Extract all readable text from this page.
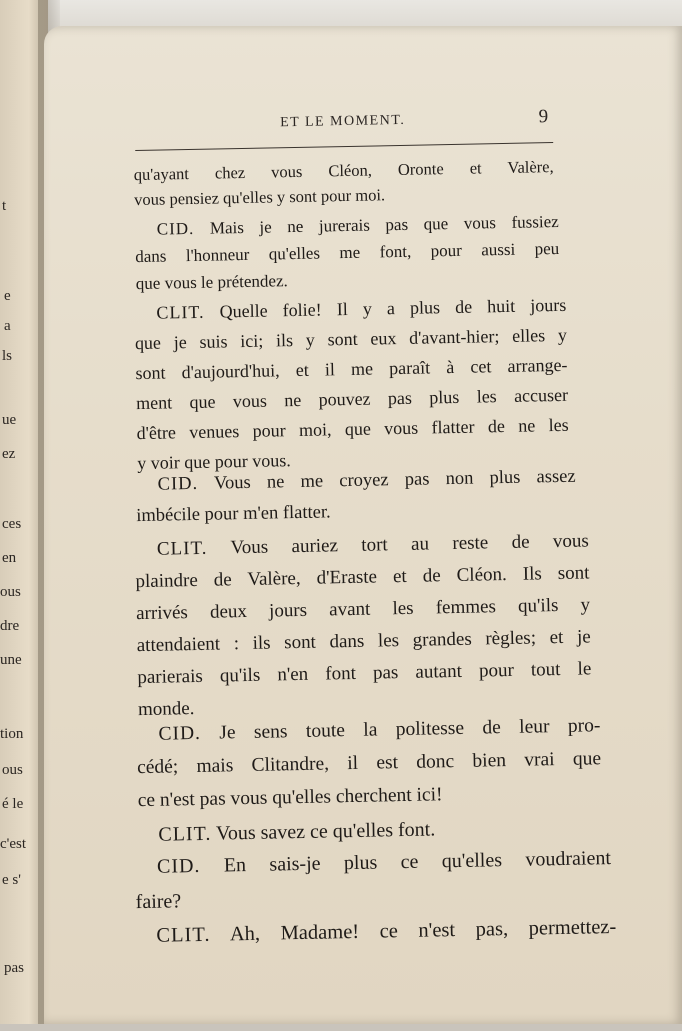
t
e
a
ls
ue
ez
ces
en
ous
dre
une
tion
ous
é le
c'est
e s'
pas
ET LE MOMENT.	9
qu'ayant chez vous Cléon, Oronte et Valère,
vous pensiez qu'elles y sont pour moi.
CID. Mais je ne jurerais pas que vous fussiez
dans l'honneur qu'elles me font, pour aussi peu
que vous le prétendez.
CLIT. Quelle folie! Il y a plus de huit jours
que je suis ici; ils y sont eux d'avant-hier; elles y
sont d'aujourd'hui, et il me paraît à cet arrange-
ment que vous ne pouvez pas plus les accuser
d'être venues pour moi, que vous flatter de ne les
y voir que pour vous.
CID. Vous ne me croyez pas non plus assez
imbécile pour m'en flatter.
CLIT. Vous auriez tort au reste de vous
plaindre de Valère, d'Eraste et de Cléon. Ils sont
arrivés deux jours avant les femmes qu'ils y
attendaient : ils sont dans les grandes règles; et je
parierais qu'ils n'en font pas autant pour tout le
monde.
CID. Je sens toute la politesse de leur pro-
cédé; mais Clitandre, il est donc bien vrai que
ce n'est pas vous qu'elles cherchent ici!
CLIT. Vous savez ce qu'elles font.
CID. En sais-je plus ce qu'elles voudraient
faire?
CLIT. Ah, Madame! ce n'est pas, permettez-
